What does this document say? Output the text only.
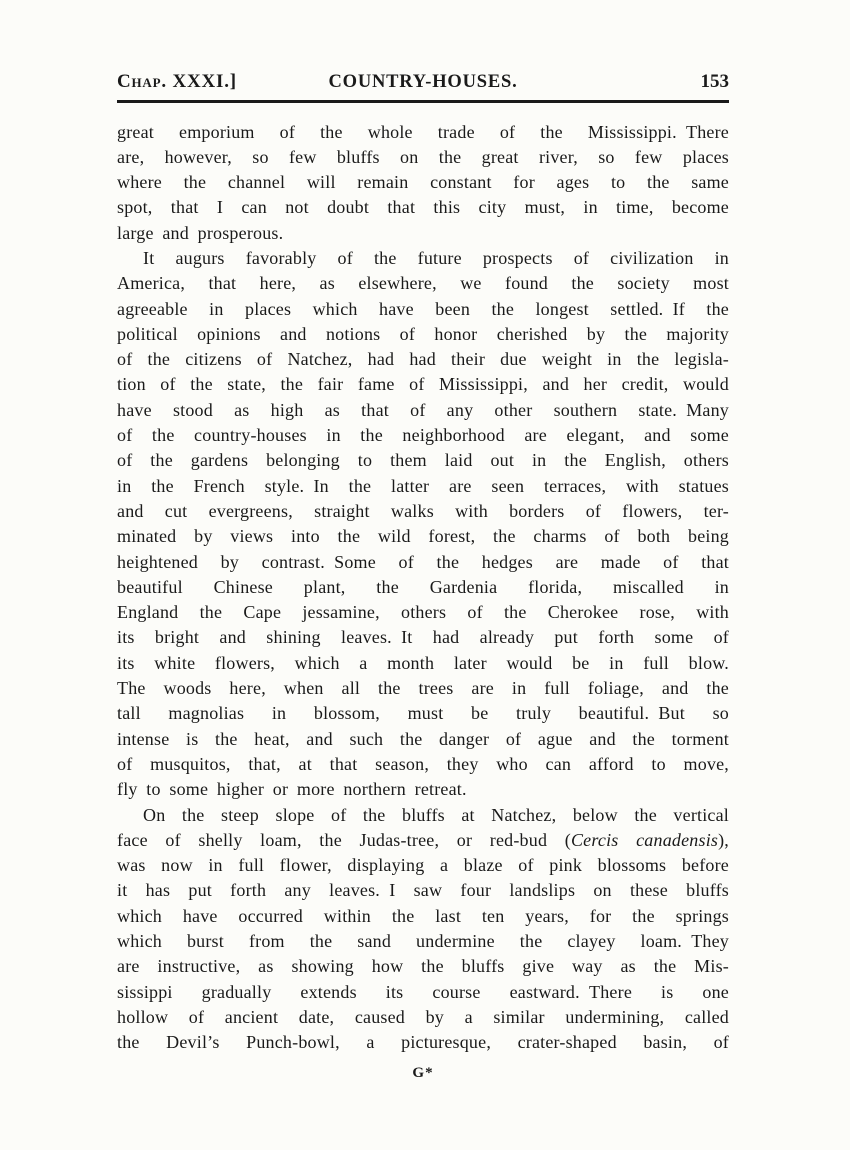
Chap. XXXI.]	COUNTRY-HOUSES.	153
great emporium of the whole trade of the Mississippi. There
are, however, so few bluffs on the great river, so few places
where the channel will remain constant for ages to the same
spot, that I can not doubt that this city must, in time, become
large and prosperous.
It augurs favorably of the future prospects of civilization in
America, that here, as elsewhere, we found the society most
agreeable in places which have been the longest settled. If the
political opinions and notions of honor cherished by the majority
of the citizens of Natchez, had had their due weight in the legisla-
tion of the state, the fair fame of Mississippi, and her credit, would
have stood as high as that of any other southern state. Many
of the country-houses in the neighborhood are elegant, and some
of the gardens belonging to them laid out in the English, others
in the French style. In the latter are seen terraces, with statues
and cut evergreens, straight walks with borders of flowers, ter-
minated by views into the wild forest, the charms of both being
heightened by contrast. Some of the hedges are made of that
beautiful Chinese plant, the Gardenia florida, miscalled in
England the Cape jessamine, others of the Cherokee rose, with
its bright and shining leaves. It had already put forth some of
its white flowers, which a month later would be in full blow.
The woods here, when all the trees are in full foliage, and the
tall magnolias in blossom, must be truly beautiful. But so
intense is the heat, and such the danger of ague and the torment
of musquitos, that, at that season, they who can afford to move,
fly to some higher or more northern retreat.
On the steep slope of the bluffs at Natchez, below the vertical
face of shelly loam, the Judas-tree, or red-bud (Cercis canadensis),
was now in full flower, displaying a blaze of pink blossoms before
it has put forth any leaves. I saw four landslips on these bluffs
which have occurred within the last ten years, for the springs
which burst from the sand undermine the clayey loam. They
are instructive, as showing how the bluffs give way as the Mis-
sissippi gradually extends its course eastward. There is one
hollow of ancient date, caused by a similar undermining, called
the Devil’s Punch-bowl, a picturesque, crater-shaped basin, of
G*
